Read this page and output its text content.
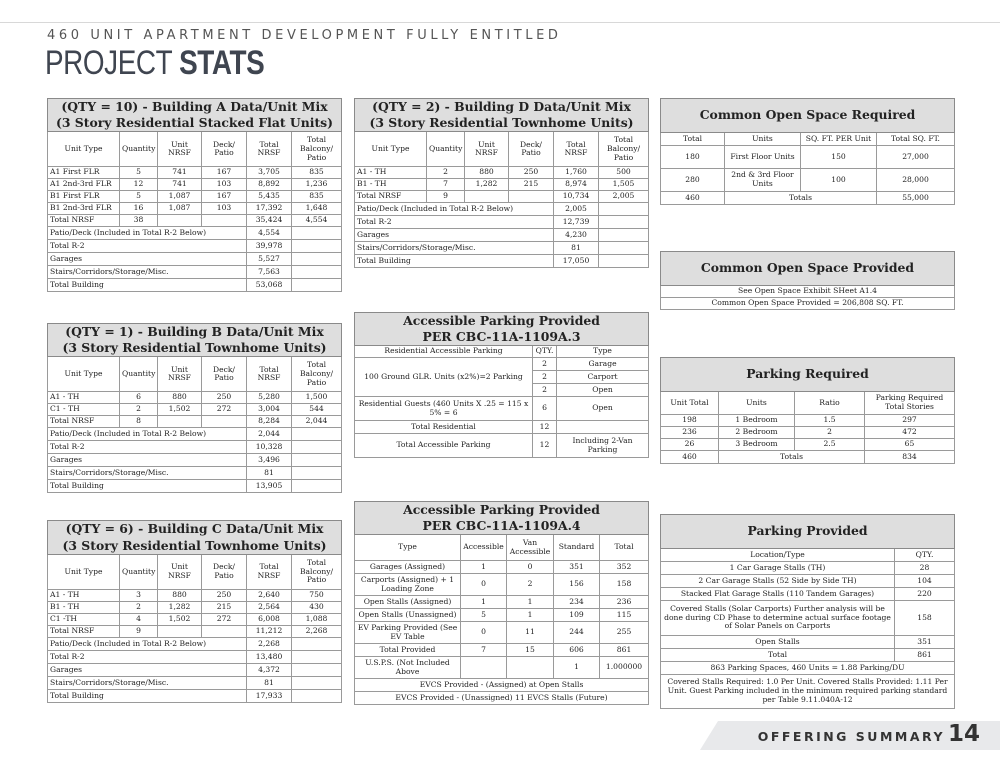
460 UNIT APARTMENT DEVELOPMENT FULLY ENTITLED
PROJECT STATS
(QTY = 10) - Building A Data/Unit Mix
(3 Story Residential Stacked Flat Units)					
Unit Type	Quantity	Unit NRSF	Deck/ Patio	Total NRSF	Total Balcony/ Patio
A1 First FLR	5	741	167	3,705	835
A1 2nd-3rd FLR	12	741	103	8,892	1,236
B1 First FLR	5	1,087	167	5,435	835
B1 2nd-3rd FLR	16	1,087	103	17,392	1,648
Total NRSF	38			35,424	4,554
Patio/Deck (Included in Total R-2 Below)				4,554	
Total R-2				39,978	
Garages				5,527	
Stairs/Corridors/Storage/Misc.				7,563	
Total Building				53,068	
(QTY = 1) - Building B Data/Unit Mix
(3 Story Residential Townhome Units)					
Unit Type	Quantity	Unit NRSF	Deck/ Patio	Total NRSF	Total Balcony/ Patio
A1 - TH	6	880	250	5,280	1,500
C1 - TH	2	1,502	272	3,004	544
Total NRSF	8			8,284	2,044
Patio/Deck (Included in Total R-2 Below)				2,044	
Total R-2				10,328	
Garages				3,496	
Stairs/Corridors/Storage/Misc.				81	
Total Building				13,905	
(QTY = 6) - Building C Data/Unit Mix
(3 Story Residential Townhome Units)					
Unit Type	Quantity	Unit NRSF	Deck/ Patio	Total NRSF	Total Balcony/ Patio
A1 - TH	3	880	250	2,640	750
B1 - TH	2	1,282	215	2,564	430
C1 -TH	4	1,502	272	6,008	1,088
Total NRSF	9			11,212	2,268
Patio/Deck (Included in Total R-2 Below)				2,268	
Total R-2				13,480	
Garages				4,372	
Stairs/Corridors/Storage/Misc.				81	
Total Building				17,933	
(QTY = 2) - Building D Data/Unit Mix
(3 Story Residential Townhome Units)					
Unit Type	Quantity	Unit NRSF	Deck/ Patio	Total NRSF	Total Balcony/ Patio
A1 - TH	2	880	250	1,760	500
B1 - TH	7	1,282	215	8,974	1,505
Total NRSF	9			10,734	2,005
Patio/Deck (Included in Total R-2 Below)				2,005	
Total R-2				12,739	
Garages				4,230	
Stairs/Corridors/Storage/Misc.				81	
Total Building				17,050	
Accessible Parking Provided
PER CBC-11A-1109A.3		
Residential Accessible Parking	QTY.	Type
100 Ground GLR. Units (x2%)=2 Parking	2	Garage
	2	Carport
	2	Open
Residential Guests (460 Units X .25 = 115 x 5% = 6	6	Open
Total Residential	12	
Total Accessible Parking	12	Including 2-Van Parking
Accessible Parking Provided
PER CBC-11A-1109A.4				
Type	Accessible	Van Accessible	Standard	Total
Garages (Assigned)	1	0	351	352
Carports (Assigned) + 1 Loading Zone	0	2	156	158
Open Stalls (Assigned)	1	1	234	236
Open Stalls (Unassigned)	5	1	109	115
EV Parking Provided (See EV Table	0	11	244	255
Total Provided	7	15	606	861
U.S.P.S. (Not Included Above			1	1.000000
EVCS Provided - (Assigned) at Open Stalls				
EVCS Provided - (Unassigned) 11 EVCS Stalls (Future)				
Common Open Space Required			
Total	Units	SQ. FT. PER Unit	Total SQ. FT.
180	First Floor Units	150	27,000
280	2nd & 3rd Floor Units	100	28,000
460	Totals		55,000
Common Open Space Provided
See Open Space Exhibit SHeet A1.4
Common Open Space Provided = 206,808 SQ. FT.
Parking Required			
Unit Total	Units	Ratio	Parking Required Total Stories
198	1 Bedroom	1.5	297
236	2 Bedroom	2	472
26	3 Bedroom	2.5	65
460	Totals		834
Parking Provided	
Location/Type	QTY.
1 Car Garage Stalls (TH)	28
2 Car Garage Stalls (52 Side by Side TH)	104
Stacked Flat Garage Stalls (110 Tandem Garages)	220
Covered Stalls (Solar Carports) Further analysis will be done during CD Phase to determine actual surface footage of Solar Panels on Carports	158
Open Stalls	351
Total	861
863 Parking Spaces, 460 Units = 1.88 Parking/DU	
Covered Stalls Required: 1.0 Per Unit. Covered Stalls Provided: 1.11 Per Unit. Guest Parking included in the minimum required parking standard per Table 9.11.040A-12	
OFFERING SUMMARY 14
